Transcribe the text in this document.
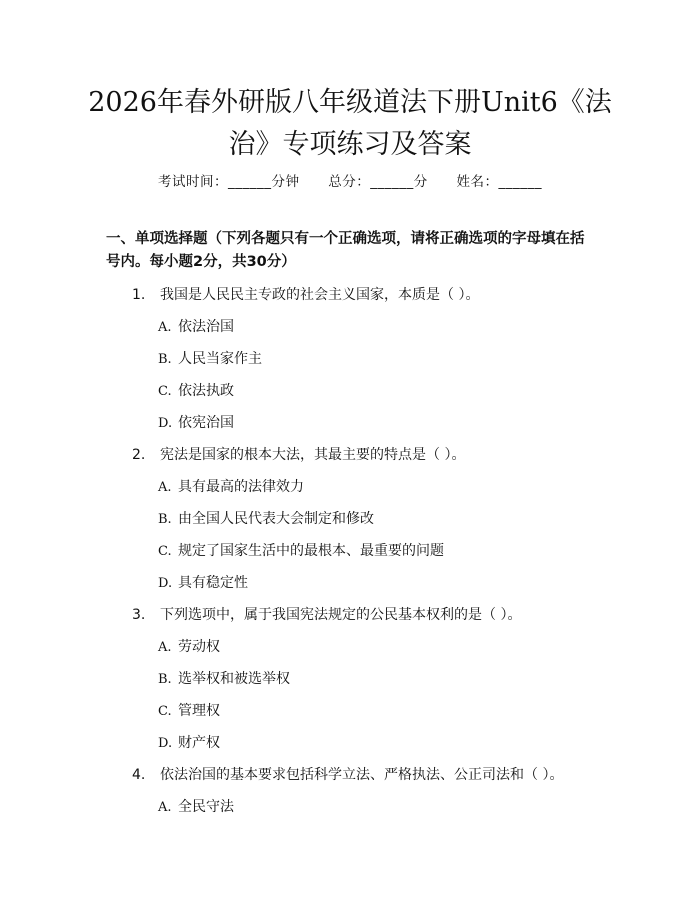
2026年春外研版八年级道法下册Unit6《法
治》专项练习及答案
考试时间：______分钟 总分：______分 姓名：______
一、单项选择题（下列各题只有一个正确选项，请将正确选项的字母填在括号内。每小题2分，共30分）
1. 我国是人民民主专政的社会主义国家，本质是（ ）。
A. 依法治国
B. 人民当家作主
C. 依法执政
D. 依宪治国
2. 宪法是国家的根本大法，其最主要的特点是（ ）。
A. 具有最高的法律效力
B. 由全国人民代表大会制定和修改
C. 规定了国家生活中的最根本、最重要的问题
D. 具有稳定性
3. 下列选项中，属于我国宪法规定的公民基本权利的是（ ）。
A. 劳动权
B. 选举权和被选举权
C. 管理权
D. 财产权
4. 依法治国的基本要求包括科学立法、严格执法、公正司法和（ ）。
A. 全民守法
